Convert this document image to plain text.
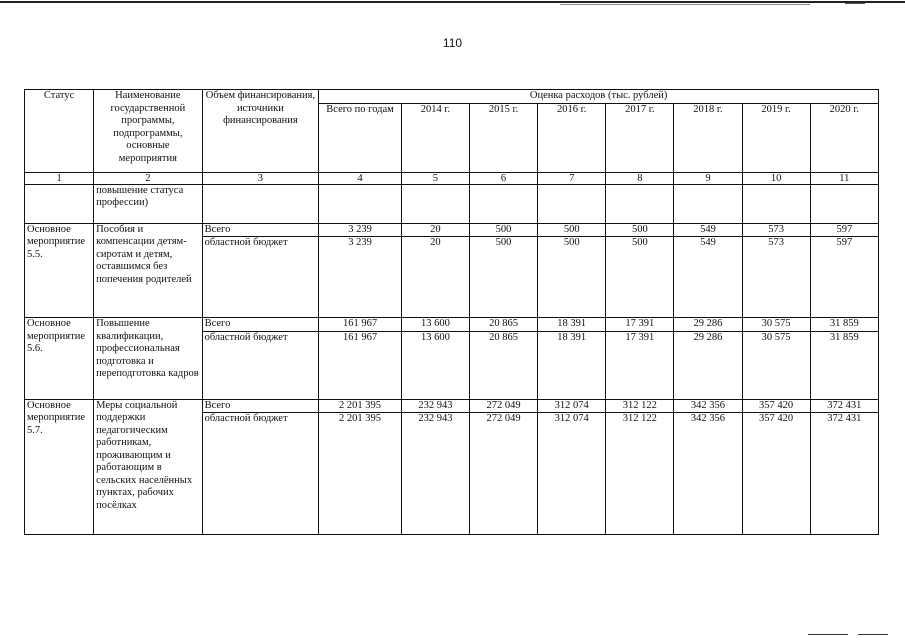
110
Статус	Наименование государственной программы, подпрограммы, основные мероприятия	Объем финансирования, источники финансирования	Оценка расходов (тыс. рублей)							
			Всего по годам	2014 г.	2015 г.	2016 г.	2017 г.	2018 г.	2019 г.	2020 г.
1	2	3	4	5	6	7	8	9	10	11
	повышение статуса профессии)									
Основное мероприятие 5.5.	Пособия и компенсации детям-сиротам и детям, оставшимся без попечения родителей	Всего	3 239	20	500	500	500	549	573	597
		областной бюджет	3 239	20	500	500	500	549	573	597
Основное мероприятие 5.6.	Повышение квалификации, профессиональная подготовка и переподготовка кадров	Всего	161 967	13 600	20 865	18 391	17 391	29 286	30 575	31 859
		областной бюджет	161 967	13 600	20 865	18 391	17 391	29 286	30 575	31 859
Основное мероприятие 5.7.	Меры социальной поддержки педагогическим работникам, проживающим и работающим в сельских населённых пунктах, рабочих посёлках	Всего	2 201 395	232 943	272 049	312 074	312 122	342 356	357 420	372 431
		областной бюджет	2 201 395	232 943	272 049	312 074	312 122	342 356	357 420	372 431
